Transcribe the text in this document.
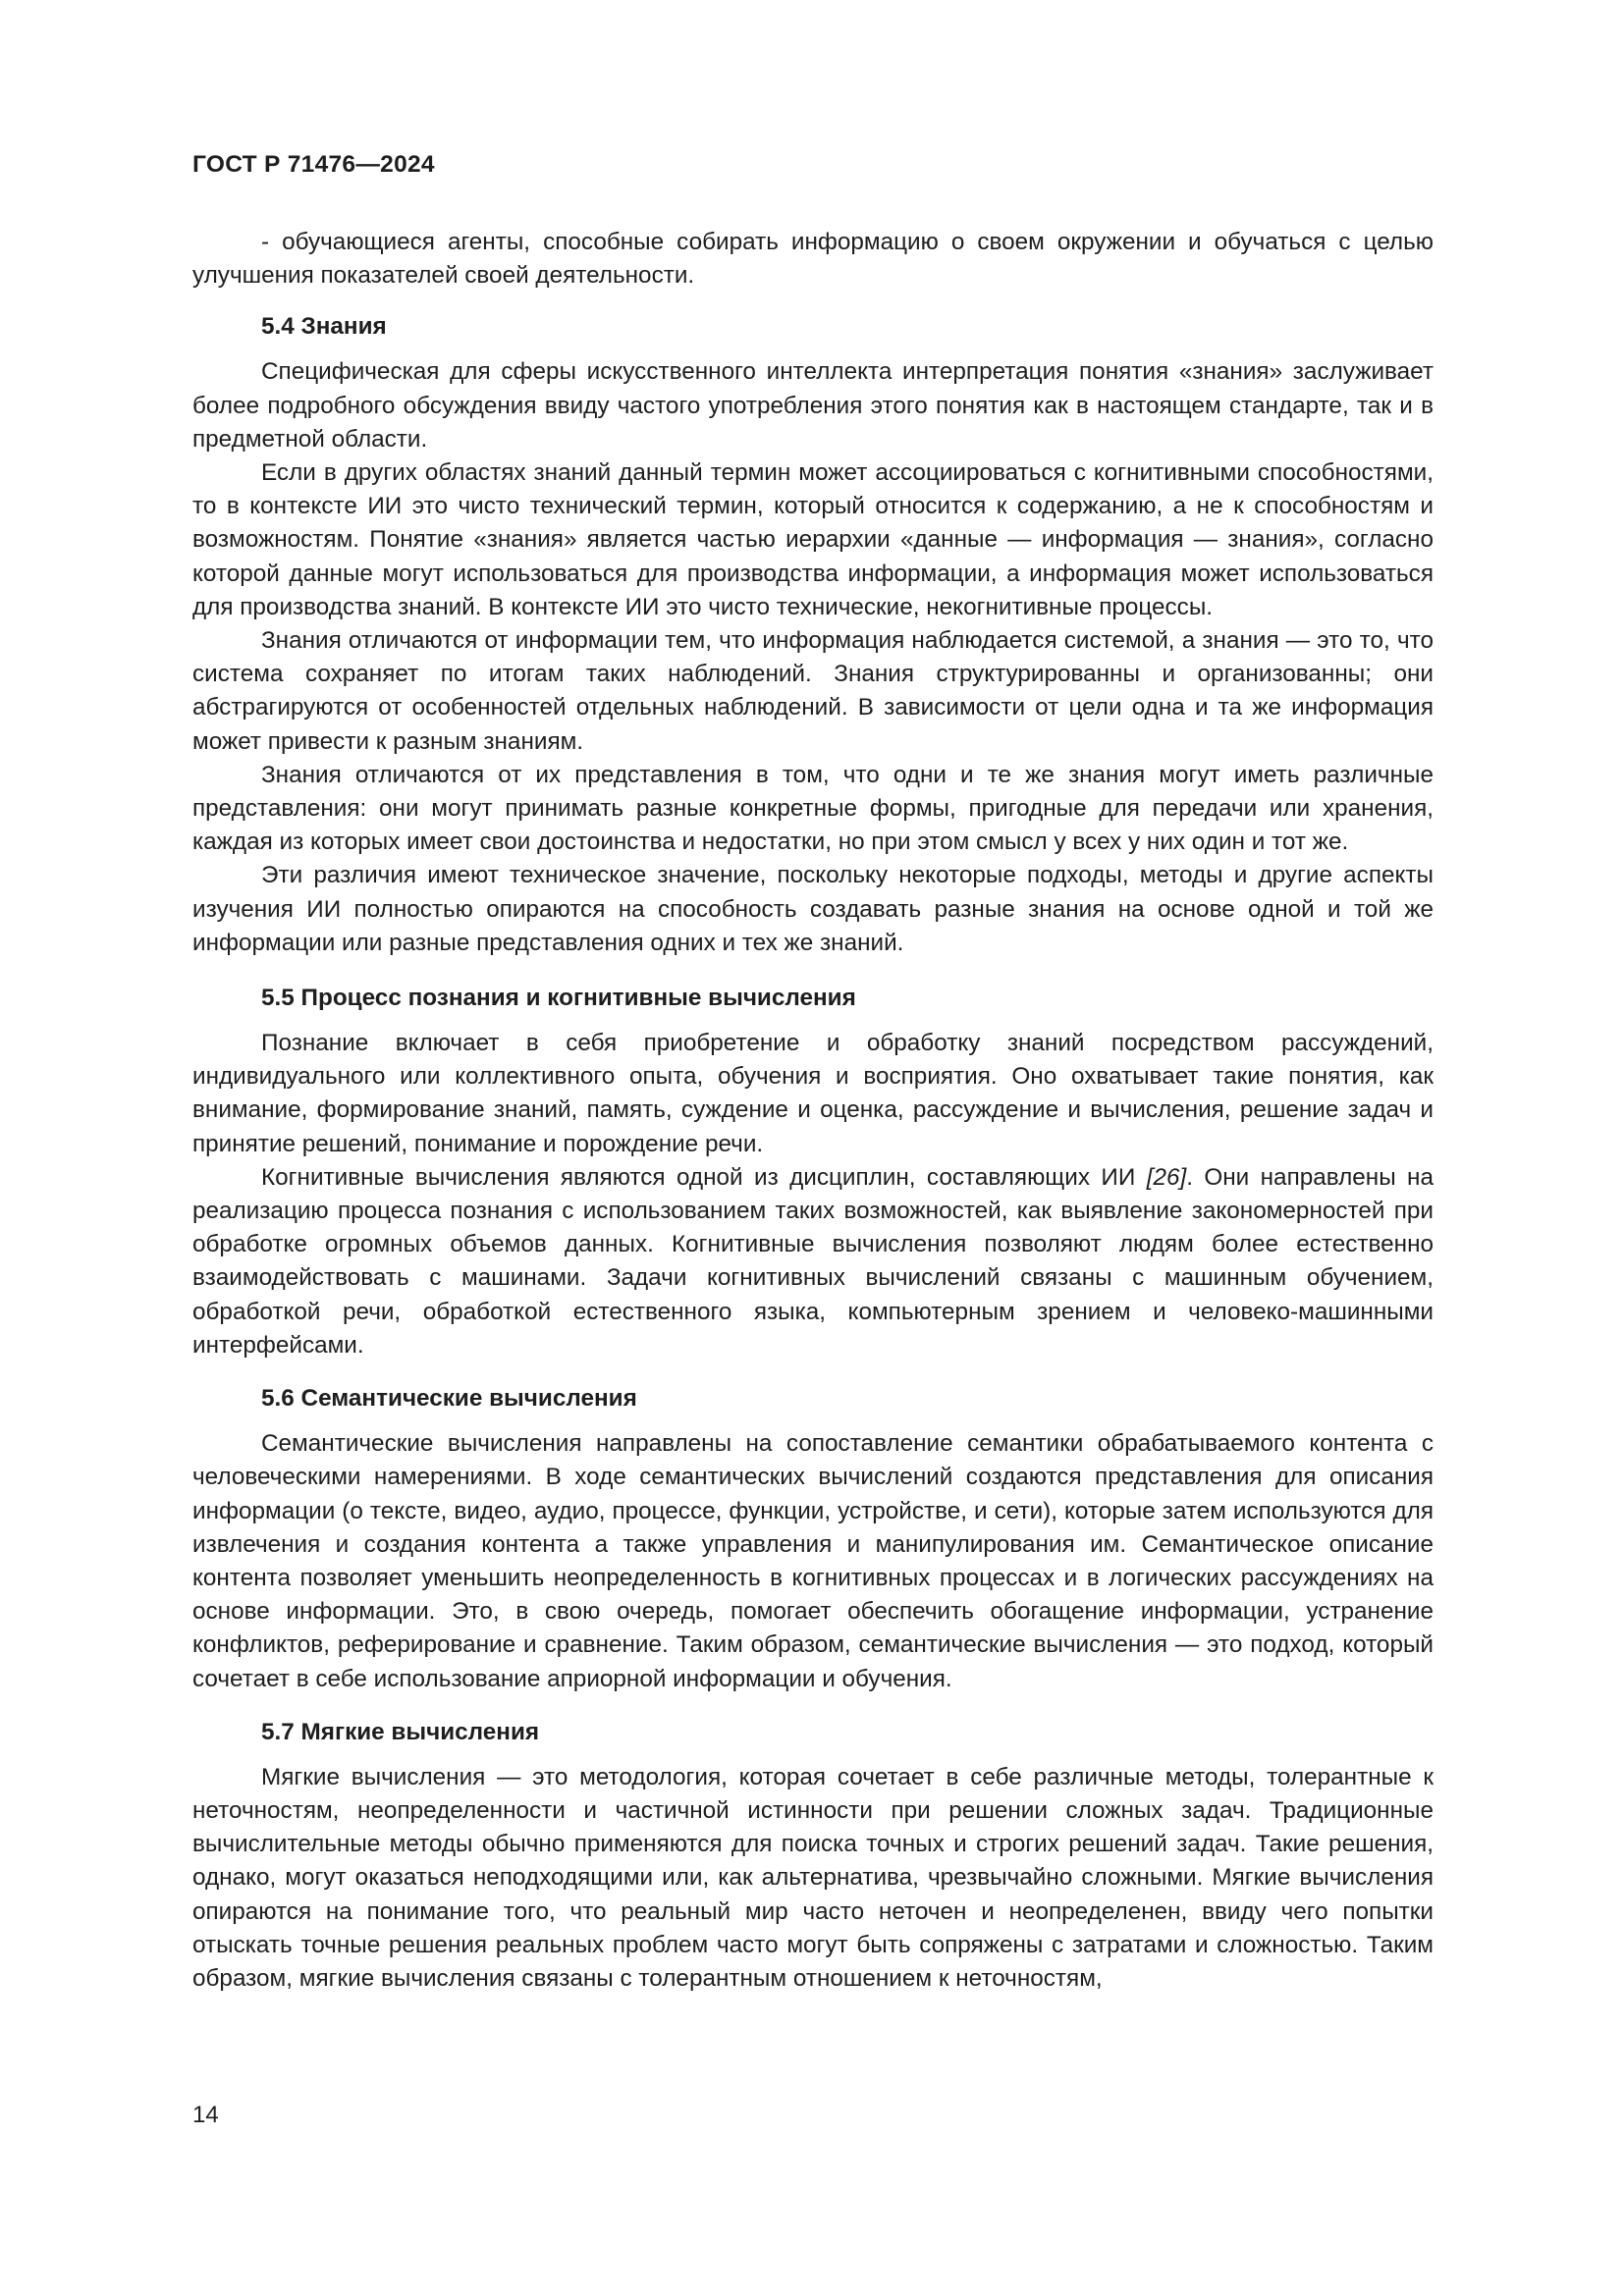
ГОСТ Р 71476—2024

- обучающиеся агенты, способные собирать информацию о своем окружении и обучаться с целью улучшения показателей своей деятельности.

5.4 Знания

Специфическая для сферы искусственного интеллекта интерпретация понятия «знания» заслуживает более подробного обсуждения ввиду частого употребления этого понятия как в настоящем стандарте, так и в предметной области.

Если в других областях знаний данный термин может ассоциироваться с когнитивными способностями, то в контексте ИИ это чисто технический термин, который относится к содержанию, а не к способностям и возможностям. Понятие «знания» является частью иерархии «данные — информация — знания», согласно которой данные могут использоваться для производства информации, а информация может использоваться для производства знаний. В контексте ИИ это чисто технические, некогнитивные процессы.

Знания отличаются от информации тем, что информация наблюдается системой, а знания — это то, что система сохраняет по итогам таких наблюдений. Знания структурированны и организованны; они абстрагируются от особенностей отдельных наблюдений. В зависимости от цели одна и та же информация может привести к разным знаниям.

Знания отличаются от их представления в том, что одни и те же знания могут иметь различные представления: они могут принимать разные конкретные формы, пригодные для передачи или хранения, каждая из которых имеет свои достоинства и недостатки, но при этом смысл у всех у них один и тот же.

Эти различия имеют техническое значение, поскольку некоторые подходы, методы и другие аспекты изучения ИИ полностью опираются на способность создавать разные знания на основе одной и той же информации или разные представления одних и тех же знаний.

5.5 Процесс познания и когнитивные вычисления

Познание включает в себя приобретение и обработку знаний посредством рассуждений, индивидуального или коллективного опыта, обучения и восприятия. Оно охватывает такие понятия, как внимание, формирование знаний, память, суждение и оценка, рассуждение и вычисления, решение задач и принятие решений, понимание и порождение речи.

Когнитивные вычисления являются одной из дисциплин, составляющих ИИ [26]. Они направлены на реализацию процесса познания с использованием таких возможностей, как выявление закономерностей при обработке огромных объемов данных. Когнитивные вычисления позволяют людям более естественно взаимодействовать с машинами. Задачи когнитивных вычислений связаны с машинным обучением, обработкой речи, обработкой естественного языка, компьютерным зрением и человеко-машинными интерфейсами.

5.6 Семантические вычисления

Семантические вычисления направлены на сопоставление семантики обрабатываемого контента с человеческими намерениями. В ходе семантических вычислений создаются представления для описания информации (о тексте, видео, аудио, процессе, функции, устройстве, и сети), которые затем используются для извлечения и создания контента а также управления и манипулирования им. Семантическое описание контента позволяет уменьшить неопределенность в когнитивных процессах и в логических рассуждениях на основе информации. Это, в свою очередь, помогает обеспечить обогащение информации, устранение конфликтов, реферирование и сравнение. Таким образом, семантические вычисления — это подход, который сочетает в себе использование априорной информации и обучения.

5.7 Мягкие вычисления

Мягкие вычисления — это методология, которая сочетает в себе различные методы, толерантные к неточностям, неопределенности и частичной истинности при решении сложных задач. Традиционные вычислительные методы обычно применяются для поиска точных и строгих решений задач. Такие решения, однако, могут оказаться неподходящими или, как альтернатива, чрезвычайно сложными. Мягкие вычисления опираются на понимание того, что реальный мир часто неточен и неопределенен, ввиду чего попытки отыскать точные решения реальных проблем часто могут быть сопряжены с затратами и сложностью. Таким образом, мягкие вычисления связаны с толерантным отношением к неточностям,

14
